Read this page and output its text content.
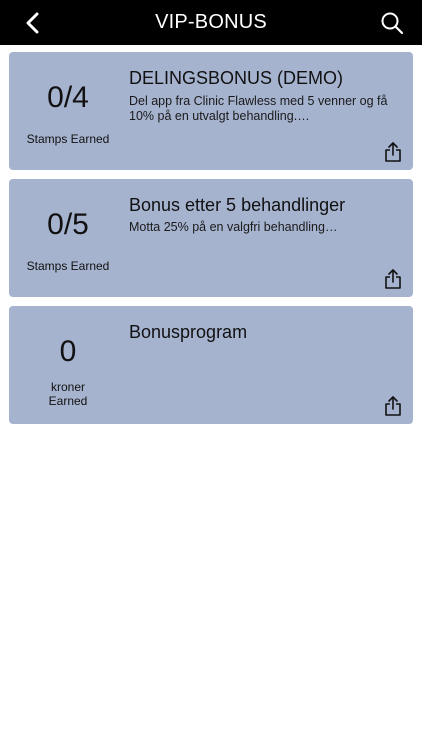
VIP-BONUS
0/4
Stamps Earned
DELINGSBONUS (DEMO)
Del app fra Clinic Flawless med 5 venner og få 10% på en utvalgt behandling.…
0/5
Stamps Earned
Bonus etter 5 behandlinger
Motta 25% på en valgfri behandling…
0
kroner
Earned
Bonusprogram
